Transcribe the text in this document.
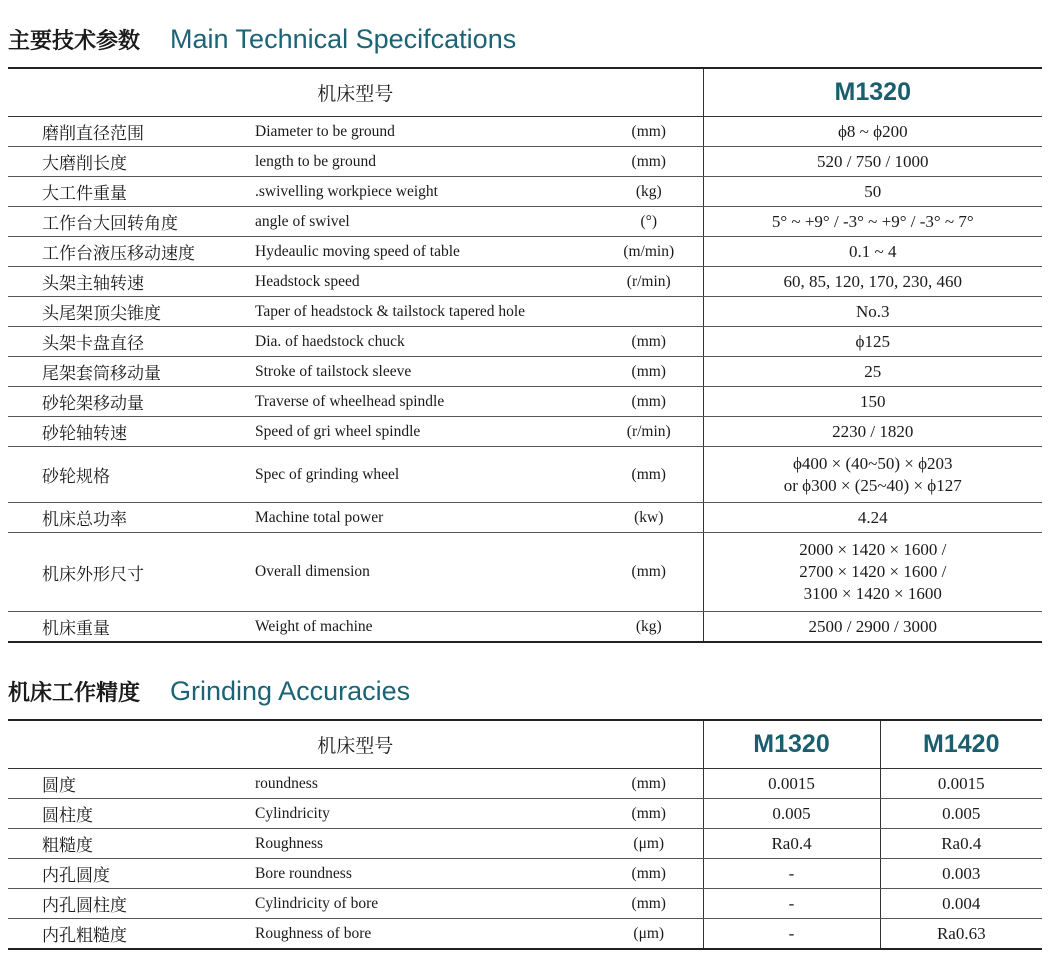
主要技术参数 Main Technical Specifcations
机床型号			M1320
磨削直径范围	Diameter to be ground	(mm)	ϕ8 ~ ϕ200

大磨削长度	length to be ground	(mm)	520 / 750 / 1000

大工件重量	.swivelling workpiece weight	(kg)	50

工作台大回转角度	angle of swivel	(°)	5° ~ +9° / -3° ~ +9° / -3° ~ 7°

工作台液压移动速度	Hydeaulic moving speed of table	(m/min)	0.1 ~ 4

头架主轴转速	Headstock speed	(r/min)	60, 85, 120, 170, 230, 460

头尾架顶尖锥度	Taper of headstock & tailstock tapered hole		No.3

头架卡盘直径	Dia. of haedstock chuck	(mm)	ϕ125

尾架套筒移动量	Stroke of tailstock sleeve	(mm)	25

砂轮架移动量	Traverse of wheelhead spindle	(mm)	150

砂轮轴转速	Speed of gri wheel spindle	(r/min)	2230 / 1820

砂轮规格	Spec of grinding wheel	(mm)	ϕ400 × (40~50) × ϕ203
or ϕ300 × (25~40) × ϕ127

机床总功率	Machine total power	(kw)	4.24

机床外形尺寸	Overall dimension	(mm)	2000 × 1420 × 1600 /
2700 × 1420 × 1600 /
3100 × 1420 × 1600

机床重量	Weight of machine	(kg)	2500 / 2900 / 3000
机床工作精度 Grinding Accuracies
机床型号			M1320	M1420
圆度	roundness	(mm)	0.0015	0.0015
圆柱度	Cylindricity	(mm)	0.005	0.005
粗糙度	Roughness	(μm)	Ra0.4	Ra0.4
内孔圆度	Bore roundness	(mm)	-	0.003
内孔圆柱度	Cylindricity of bore	(mm)	-	0.004
内孔粗糙度	Roughness of bore	(μm)	-	Ra0.63
